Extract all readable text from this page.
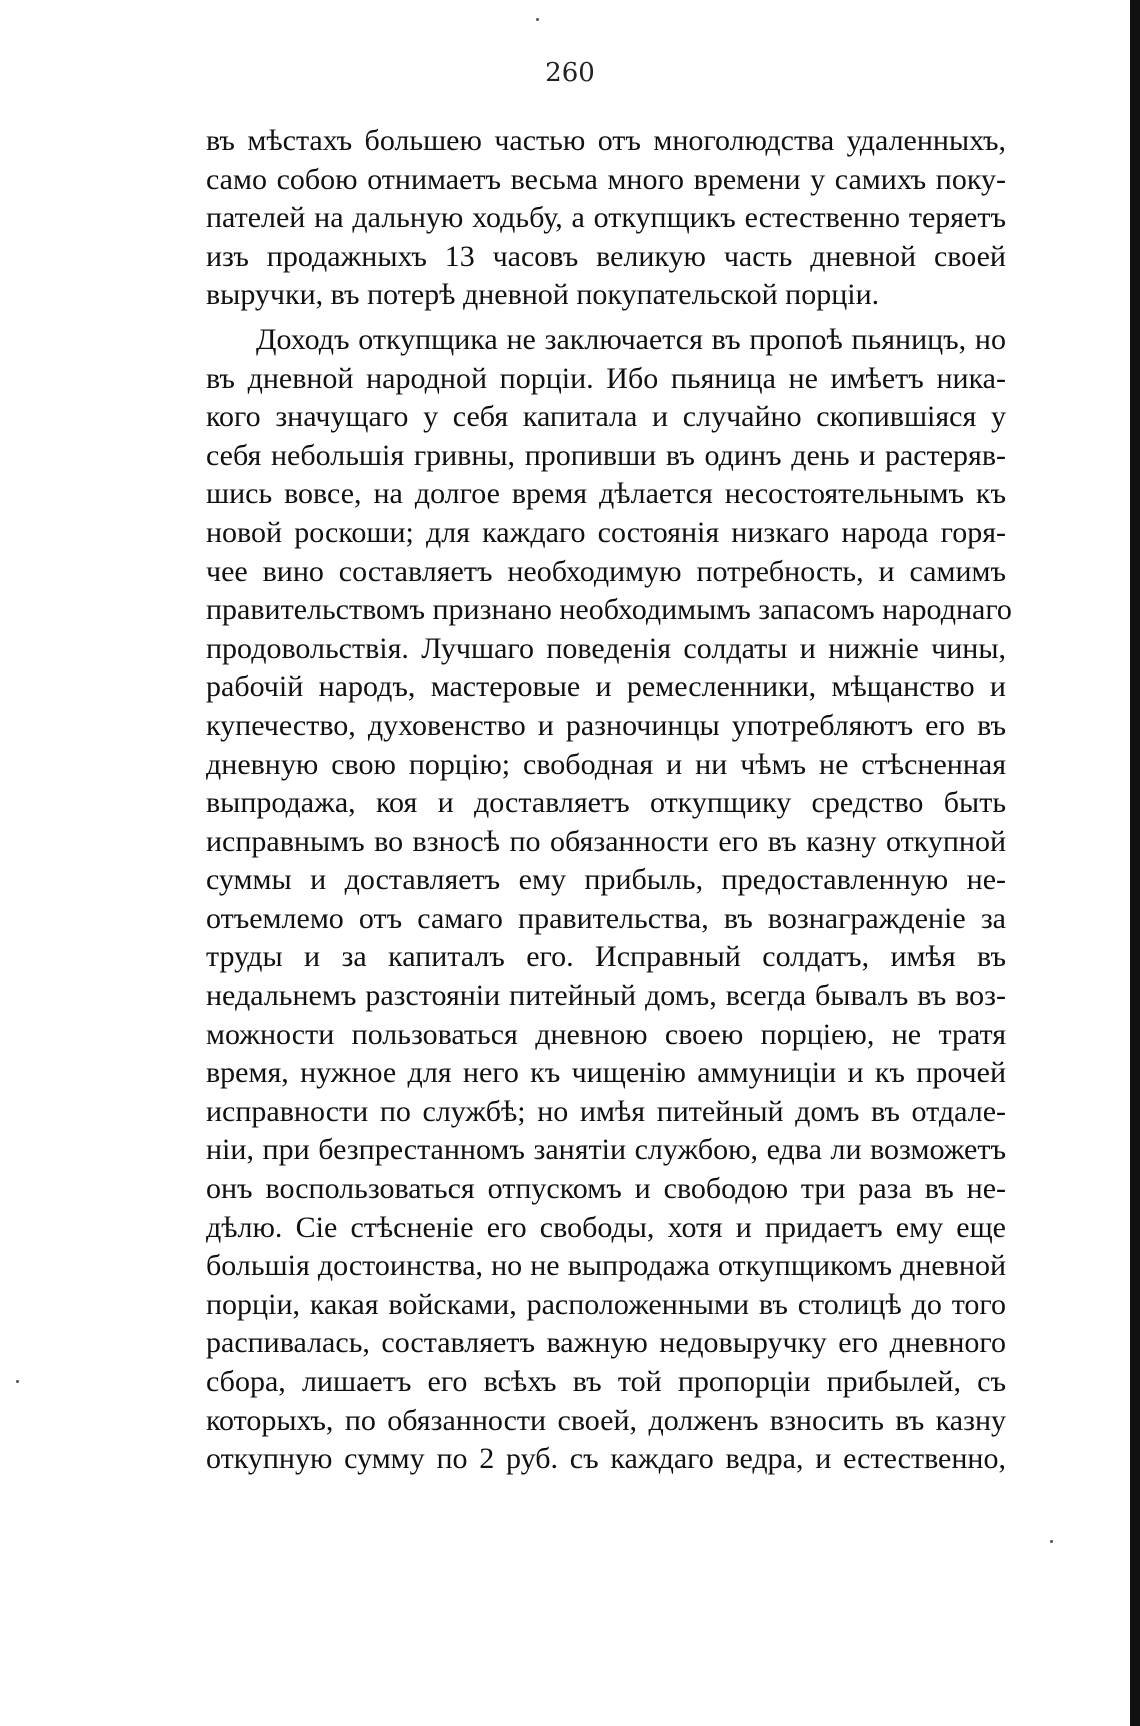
260

въ мѣстахъ большею частью отъ многолюдства удаленныхъ,
само собою отнимаетъ весьма много времени у самихъ поку-
пателей на дальную ходьбу, а откупщикъ естественно теряетъ
изъ продажныхъ 13 часовъ великую часть дневной своей
выручки, въ потерѣ дневной покупательской порціи.

Доходъ откупщика не заключается въ пропоѣ пьяницъ, но
въ дневной народной порціи. Ибо пьяница не имѣетъ ника-
кого значущаго у себя капитала и случайно скопившіяся у
себя небольшія гривны, пропивши въ одинъ день и растеряв-
шись вовсе, на долгое время дѣлается несостоятельнымъ къ
новой роскоши; для каждаго состоянія низкаго народа горя-
чее вино составляетъ необходимую потребность, и самимъ
правительствомъ признано необходимымъ запасомъ народнаго
продовольствія. Лучшаго поведенія солдаты и нижніе чины,
рабочій народъ, мастеровые и ремесленники, мѣщанство и
купечество, духовенство и разночинцы употребляютъ его въ
дневную свою порцію; свободная и ни чѣмъ не стѣсненная
выпродажа, коя и доставляетъ откупщику средство быть
исправнымъ во взносѣ по обязанности его въ казну откупной
суммы и доставляетъ ему прибыль, предоставленную не-
отъемлемо отъ самаго правительства, въ вознагражденіе за
труды и за капиталъ его. Исправный солдатъ, имѣя въ
недальнемъ разстояніи питейный домъ, всегда бывалъ въ воз-
можности пользоваться дневною своею порціею, не тратя
время, нужное для него къ чищенію аммуниціи и къ прочей
исправности по службѣ; но имѣя питейный домъ въ отдале-
ніи, при безпрестанномъ занятіи службою, едва ли возможетъ
онъ воспользоваться отпускомъ и свободою три раза въ не-
дѣлю. Сіе стѣсненіе его свободы, хотя и придаетъ ему еще
большія достоинства, но не выпродажа откупщикомъ дневной
порціи, какая войсками, расположенными въ столицѣ до того
распивалась, составляетъ важную недовыручку его дневного
сбора, лишаетъ его всѣхъ въ той пропорціи прибылей, съ
которыхъ, по обязанности своей, долженъ взносить въ казну
откупную сумму по 2 руб. съ каждаго ведра, и естественно,
